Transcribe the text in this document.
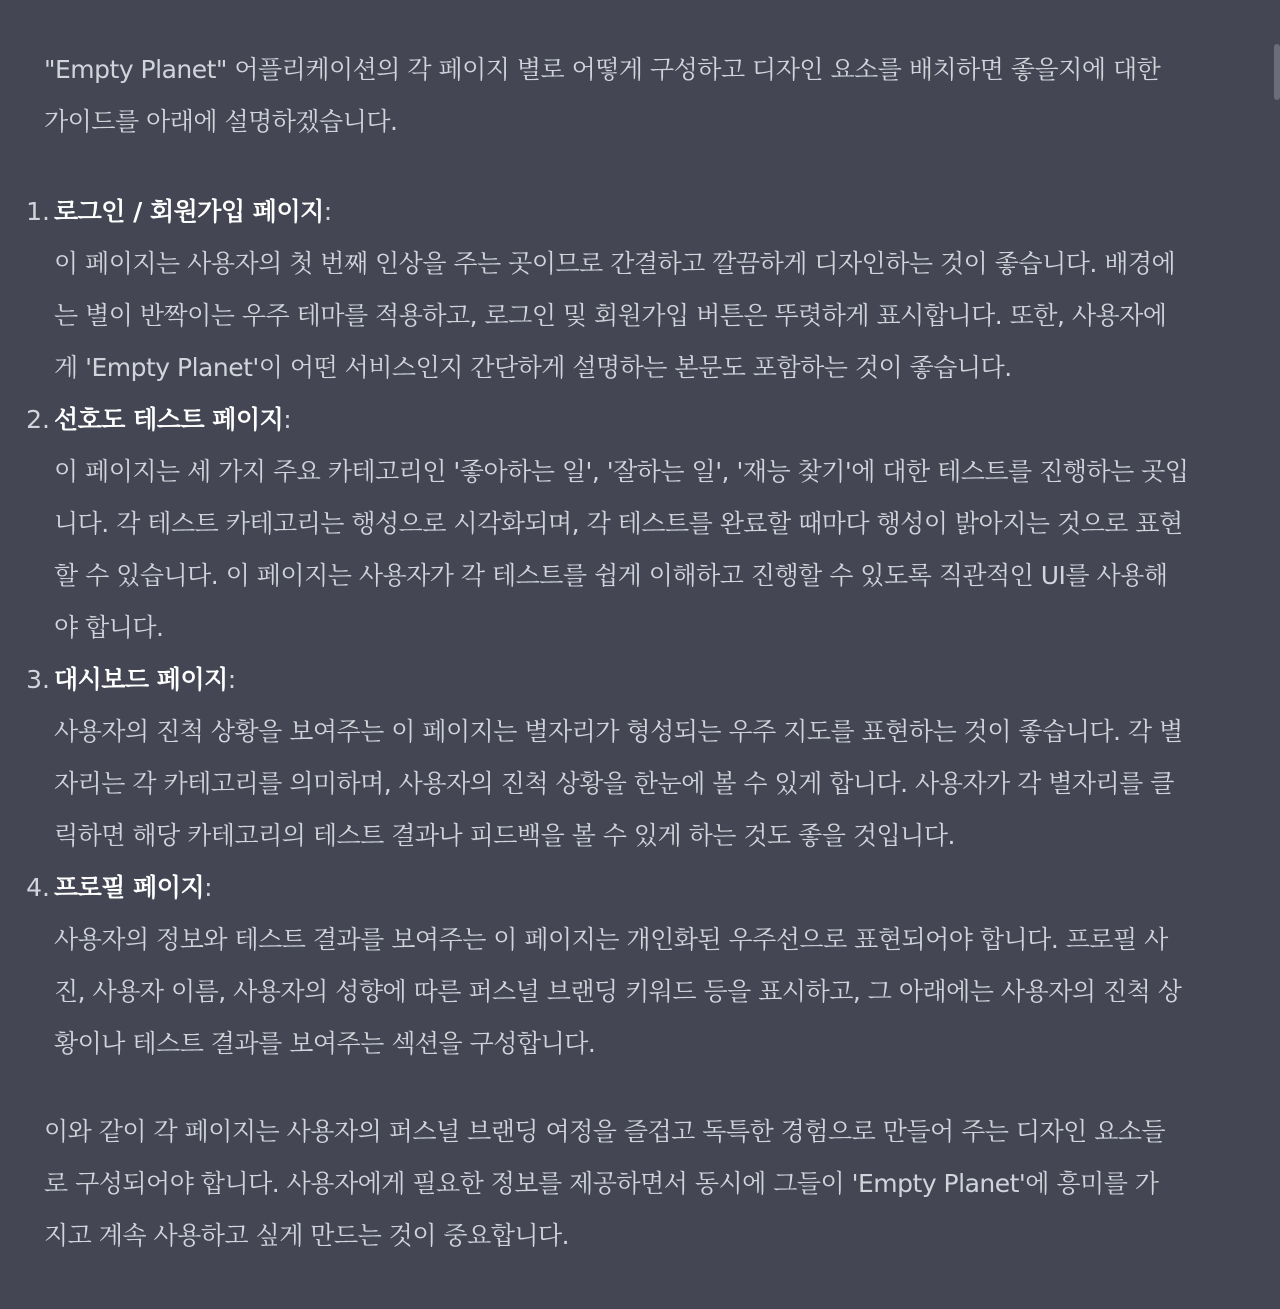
"Empty Planet" 어플리케이션의 각 페이지 별로 어떻게 구성하고 디자인 요소를 배치하면 좋을지에 대한
가이드를 아래에 설명하겠습니다.

1. 로그인 / 회원가입 페이지:
이 페이지는 사용자의 첫 번째 인상을 주는 곳이므로 간결하고 깔끔하게 디자인하는 것이 좋습니다. 배경에
는 별이 반짝이는 우주 테마를 적용하고, 로그인 및 회원가입 버튼은 뚜렷하게 표시합니다. 또한, 사용자에
게 'Empty Planet'이 어떤 서비스인지 간단하게 설명하는 본문도 포함하는 것이 좋습니다.
2. 선호도 테스트 페이지:
이 페이지는 세 가지 주요 카테고리인 '좋아하는 일', '잘하는 일', '재능 찾기'에 대한 테스트를 진행하는 곳입
니다. 각 테스트 카테고리는 행성으로 시각화되며, 각 테스트를 완료할 때마다 행성이 밝아지는 것으로 표현
할 수 있습니다. 이 페이지는 사용자가 각 테스트를 쉽게 이해하고 진행할 수 있도록 직관적인 UI를 사용해
야 합니다.
3. 대시보드 페이지:
사용자의 진척 상황을 보여주는 이 페이지는 별자리가 형성되는 우주 지도를 표현하는 것이 좋습니다. 각 별
자리는 각 카테고리를 의미하며, 사용자의 진척 상황을 한눈에 볼 수 있게 합니다. 사용자가 각 별자리를 클
릭하면 해당 카테고리의 테스트 결과나 피드백을 볼 수 있게 하는 것도 좋을 것입니다.
4. 프로필 페이지:
사용자의 정보와 테스트 결과를 보여주는 이 페이지는 개인화된 우주선으로 표현되어야 합니다. 프로필 사
진, 사용자 이름, 사용자의 성향에 따른 퍼스널 브랜딩 키워드 등을 표시하고, 그 아래에는 사용자의 진척 상
황이나 테스트 결과를 보여주는 섹션을 구성합니다.

이와 같이 각 페이지는 사용자의 퍼스널 브랜딩 여정을 즐겁고 독특한 경험으로 만들어 주는 디자인 요소들
로 구성되어야 합니다. 사용자에게 필요한 정보를 제공하면서 동시에 그들이 'Empty Planet'에 흥미를 가
지고 계속 사용하고 싶게 만드는 것이 중요합니다.
